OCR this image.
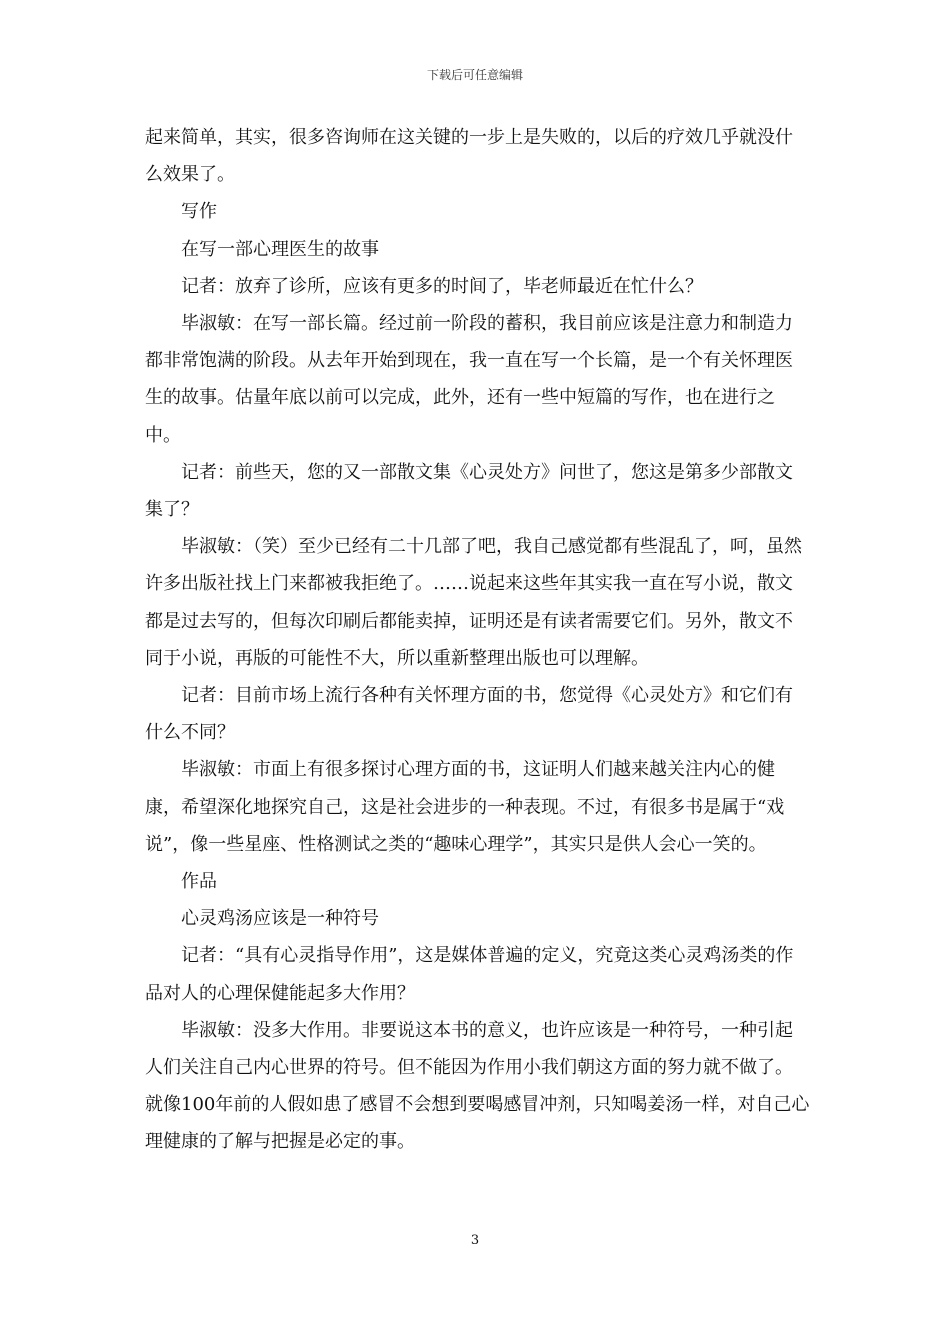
下载后可任意编辑

起来简单，其实，很多咨询师在这关键的一步上是失败的，以后的疗效几乎就没什么效果了。

写作

在写一部心理医生的故事

记者：放弃了诊所，应该有更多的时间了，毕老师最近在忙什么？

毕淑敏：在写一部长篇。经过前一阶段的蓄积，我目前应该是注意力和制造力都非常饱满的阶段。从去年开始到现在，我一直在写一个长篇，是一个有关怀理医生的故事。估量年底以前可以完成，此外，还有一些中短篇的写作，也在进行之中。

记者：前些天，您的又一部散文集《心灵处方》问世了，您这是第多少部散文集了？

毕淑敏：（笑）至少已经有二十几部了吧，我自己感觉都有些混乱了，呵，虽然许多出版社找上门来都被我拒绝了。……说起来这些年其实我一直在写小说，散文都是过去写的，但每次印刷后都能卖掉，证明还是有读者需要它们。另外，散文不同于小说，再版的可能性不大，所以重新整理出版也可以理解。

记者：目前市场上流行各种有关怀理方面的书，您觉得《心灵处方》和它们有什么不同？

毕淑敏：市面上有很多探讨心理方面的书，这证明人们越来越关注内心的健康，希望深化地探究自己，这是社会进步的一种表现。不过，有很多书是属于“戏说”，像一些星座、性格测试之类的“趣味心理学”，其实只是供人会心一笑的。

作品

心灵鸡汤应该是一种符号

记者：“具有心灵指导作用”，这是媒体普遍的定义，究竟这类心灵鸡汤类的作品对人的心理保健能起多大作用？

毕淑敏：没多大作用。非要说这本书的意义，也许应该是一种符号，一种引起人们关注自己内心世界的符号。但不能因为作用小我们朝这方面的努力就不做了。就像100年前的人假如患了感冒不会想到要喝感冒冲剂，只知喝姜汤一样，对自己心理健康的了解与把握是必定的事。

3
